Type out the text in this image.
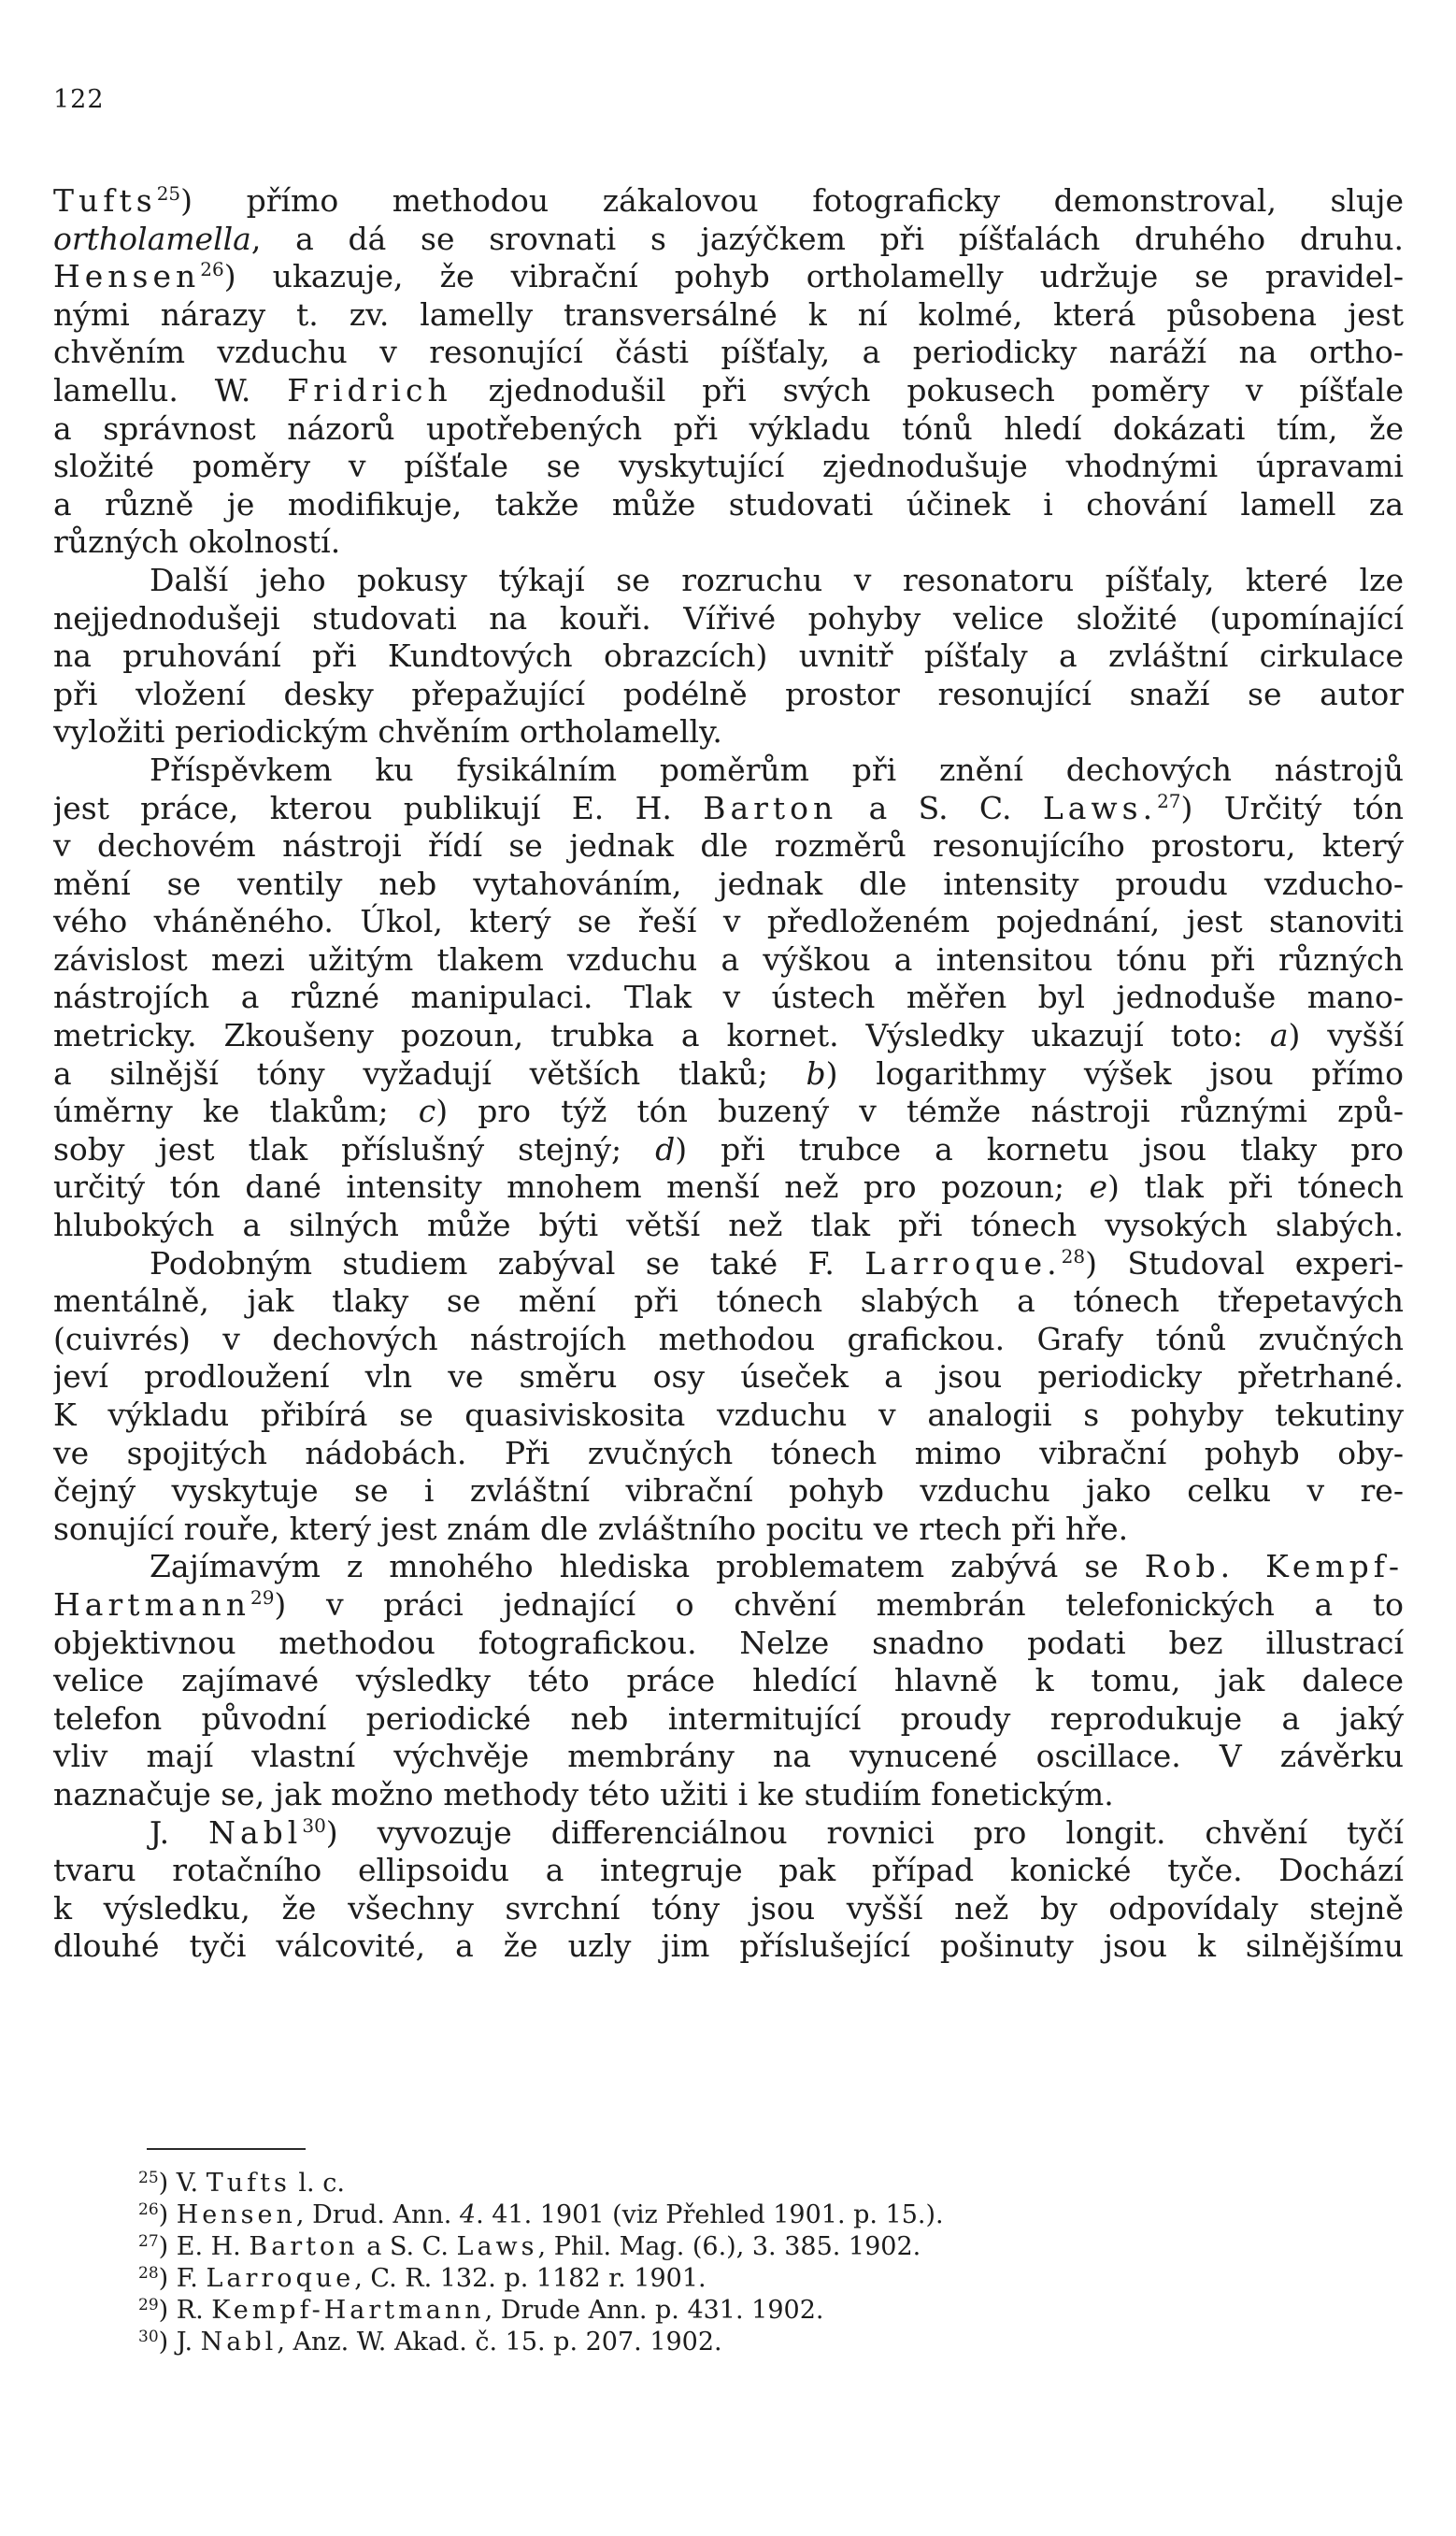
122
Tufts$^{25}$) přímo methodou zákalovou fotograficky demonstroval, sluje
ortholamella, a dá se srovnati s jazýčkem při píšťalách druhého druhu.
Hensen$^{26}$) ukazuje, že vibrační pohyb ortholamelly udržuje se pravidel-
nými nárazy t. zv. lamelly transversálné k ní kolmé, která působena jest
chvěním vzduchu v resonující části píšťaly, a periodicky naráží na ortho-
lamellu. W. Fridrich zjednodušil při svých pokusech poměry v píšťale
a správnost názorů upotřebených při výkladu tónů hledí dokázati tím, že
složité poměry v píšťale se vyskytující zjednodušuje vhodnými úpravami
a různě je modifikuje, takže může studovati účinek i chování lamell za
různých okolností.
Další jeho pokusy týkají se rozruchu v resonatoru píšťaly, které lze
nejjednodušeji studovati na kouři. Vířivé pohyby velice složité (upomínající
na pruhování při Kundtových obrazcích) uvnitř píšťaly a zvláštní cirkulace
při vložení desky přepažující podélně prostor resonující snaží se autor
vyložiti periodickým chvěním ortholamelly.
Příspěvkem ku fysikálním poměrům při znění dechových nástrojů
jest práce, kterou publikují E. H. Barton a S. C. Laws.$^{27}$) Určitý tón
v dechovém nástroji řídí se jednak dle rozměrů resonujícího prostoru, který
mění se ventily neb vytahováním, jednak dle intensity proudu vzducho-
vého vháněného. Úkol, který se řeší v předloženém pojednání, jest stanoviti
závislost mezi užitým tlakem vzduchu a výškou a intensitou tónu při různých
nástrojích a různé manipulaci. Tlak v ústech měřen byl jednoduše mano-
metricky. Zkoušeny pozoun, trubka a kornet. Výsledky ukazují toto: a) vyšší
a silnější tóny vyžadují větších tlaků; b) logarithmy výšek jsou přímo
úměrny ke tlakům; c) pro týž tón buzený v témže nástroji různými způ-
soby jest tlak příslušný stejný; d) při trubce a kornetu jsou tlaky pro
určitý tón dané intensity mnohem menší než pro pozoun; e) tlak při tónech
hlubokých a silných může býti větší než tlak při tónech vysokých slabých.
Podobným studiem zabýval se také F. Larroque.$^{28}$) Studoval experi-
mentálně, jak tlaky se mění při tónech slabých a tónech třepetavých
(cuivrés) v dechových nástrojích methodou grafickou. Grafy tónů zvučných
jeví prodloužení vln ve směru osy úseček a jsou periodicky přetrhané.
K výkladu přibírá se quasiviskosita vzduchu v analogii s pohyby tekutiny
ve spojitých nádobách. Při zvučných tónech mimo vibrační pohyb oby-
čejný vyskytuje se i zvláštní vibrační pohyb vzduchu jako celku v re-
sonující rouře, který jest znám dle zvláštního pocitu ve rtech při hře.
Zajímavým z mnohého hlediska problematem zabývá se Rob. Kempf-
Hartmann$^{29}$) v práci jednající o chvění membrán telefonických a to
objektivnou methodou fotografickou. Nelze snadno podati bez illustrací
velice zajímavé výsledky této práce hledící hlavně k tomu, jak dalece
telefon původní periodické neb intermitující proudy reprodukuje a jaký
vliv mají vlastní výchvěje membrány na vynucené oscillace. V závěrku
naznačuje se, jak možno methody této užiti i ke studiím fonetickým.
J. Nabl$^{30}$) vyvozuje differenciálnou rovnici pro longit. chvění tyčí
tvaru rotačního ellipsoidu a integruje pak případ konické tyče. Dochází
k výsledku, že všechny svrchní tóny jsou vyšší než by odpovídaly stejně
dlouhé tyči válcovité, a že uzly jim příslušející pošinuty jsou k silnějšímu
$^{25}$) V. Tufts l. c.
$^{26}$) Hensen, Drud. Ann. 4. 41. 1901 (viz Přehled 1901. p. 15.).
$^{27}$) E. H. Barton a S. C. Laws, Phil. Mag. (6.), 3. 385. 1902.
$^{28}$) F. Larroque, C. R. 132. p. 1182 r. 1901.
$^{29}$) R. Kempf-Hartmann, Drude Ann. p. 431. 1902.
$^{30}$) J. Nabl, Anz. W. Akad. č. 15. p. 207. 1902.
